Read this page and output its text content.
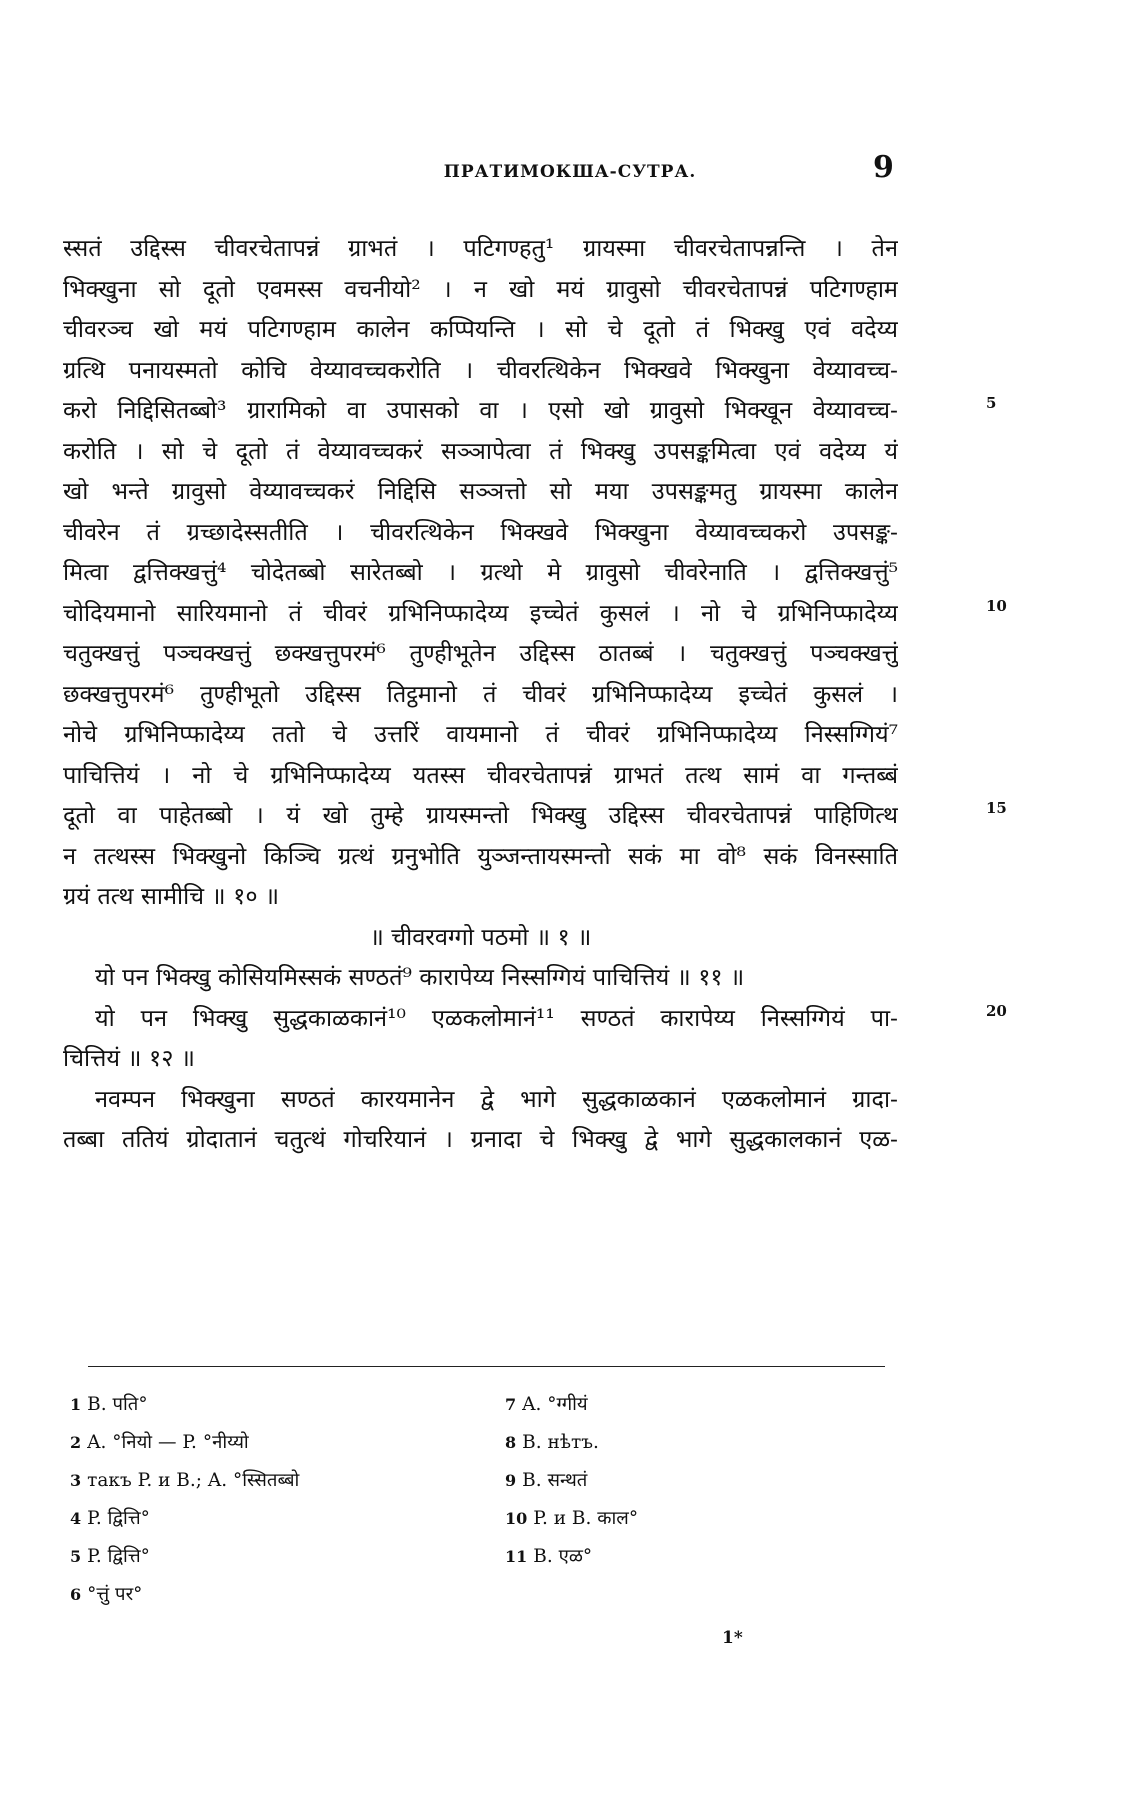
ПРАТИМОКША-СУТРА.	9
स्सतं उद्दिस्स चीवरचेतापन्नं ग्राभतं । पटिगण्हतु¹ ग्रायस्मा चीवरचेतापन्नन्ति । तेन
भिक्खुना सो दूतो एवमस्स वचनीयो² । न खो मयं ग्रावुसो चीवरचेतापन्नं पटिगण्हाम
चीवरञ्च खो मयं पटिगण्हाम कालेन कप्पियन्ति । सो चे दूतो तं भिक्खु एवं वदेय्य
ग्रत्थि पनायस्मतो कोचि वेय्यावच्चकरोति । चीवरत्थिकेन भिक्खवे भिक्खुना वेय्यावच्च-
करो निद्दिसितब्बो³ ग्रारामिको वा उपासको वा । एसो खो ग्रावुसो भिक्खून वेय्यावच्च-	5
करोति । सो चे दूतो तं वेय्यावच्चकरं सञ्ञापेत्वा तं भिक्खु उपसङ्कमित्वा एवं वदेय्य यं
खो भन्ते ग्रावुसो वेय्यावच्चकरं निद्दिसि सञ्ञत्तो सो मया उपसङ्कमतु ग्रायस्मा कालेन
चीवरेन तं ग्रच्छादेस्सतीति । चीवरत्थिकेन भिक्खवे भिक्खुना वेय्यावच्चकरो उपसङ्क-
मित्वा द्वत्तिक्खत्तुं⁴ चोदेतब्बो सारेतब्बो । ग्रत्थो मे ग्रावुसो चीवरेनाति । द्वत्तिक्खत्तुं⁵
चोदियमानो सारियमानो तं चीवरं ग्रभिनिप्फादेय्य इच्चेतं कुसलं । नो चे ग्रभिनिप्फादेय्य	10
चतुक्खत्तुं पञ्चक्खत्तुं छक्खत्तुपरमं⁶ तुण्हीभूतेन उद्दिस्स ठातब्बं । चतुक्खत्तुं पञ्चक्खत्तुं
छक्खत्तुपरमं⁶ तुण्हीभूतो उद्दिस्स तिट्ठमानो तं चीवरं ग्रभिनिप्फादेय्य इच्चेतं कुसलं ।
नोचे ग्रभिनिप्फादेय्य ततो चे उत्तरिं वायमानो तं चीवरं ग्रभिनिप्फादेय्य निस्सग्गियं⁷
पाचित्तियं । नो चे ग्रभिनिप्फादेय्य यतस्स चीवरचेतापन्नं ग्राभतं तत्थ सामं वा गन्तब्बं
दूतो वा पाहेतब्बो । यं खो तुम्हे ग्रायस्मन्तो भिक्खु उद्दिस्स चीवरचेतापन्नं पाहिणित्थ	15
न तत्थस्स भिक्खुनो किञ्चि ग्रत्थं ग्रनुभोति युञ्जन्तायस्मन्तो सकं मा वो⁸ सकं विनस्साति
ग्रयं तत्थ सामीचि ॥ १० ॥
॥ चीवरवग्गो पठमो ॥ १ ॥
यो पन भिक्खु कोसियमिस्सकं सण्ठतं⁹ कारापेय्य निस्सग्गियं पाचित्तियं ॥ ११ ॥
यो पन भिक्खु सुद्धकाळकानं¹⁰ एळकलोमानं¹¹ सण्ठतं कारापेय्य निस्सग्गियं पा-	20
चित्तियं ॥ १२ ॥
नवम्पन भिक्खुना सण्ठतं कारयमानेन द्वे भागे सुद्धकाळकानं एळकलोमानं ग्रादा-
तब्बा ततियं ग्रोदातानं चतुत्थं गोचरियानं । ग्रनादा चे भिक्खु द्वे भागे सुद्धकालकानं एळ-
1 B. पति°
2 A. °नियो — P. °नीय्यो
3 такъ P. и B.; A. °स्सितब्बो
4 P. द्वित्ति°
5 P. द्वित्ति°
6 °त्तुं पर°
7 A. °ग्गीयं
8 B. нѣтъ.
9 B. सन्थतं
10 P. и B. काल°
11 B. एळ°
1*
